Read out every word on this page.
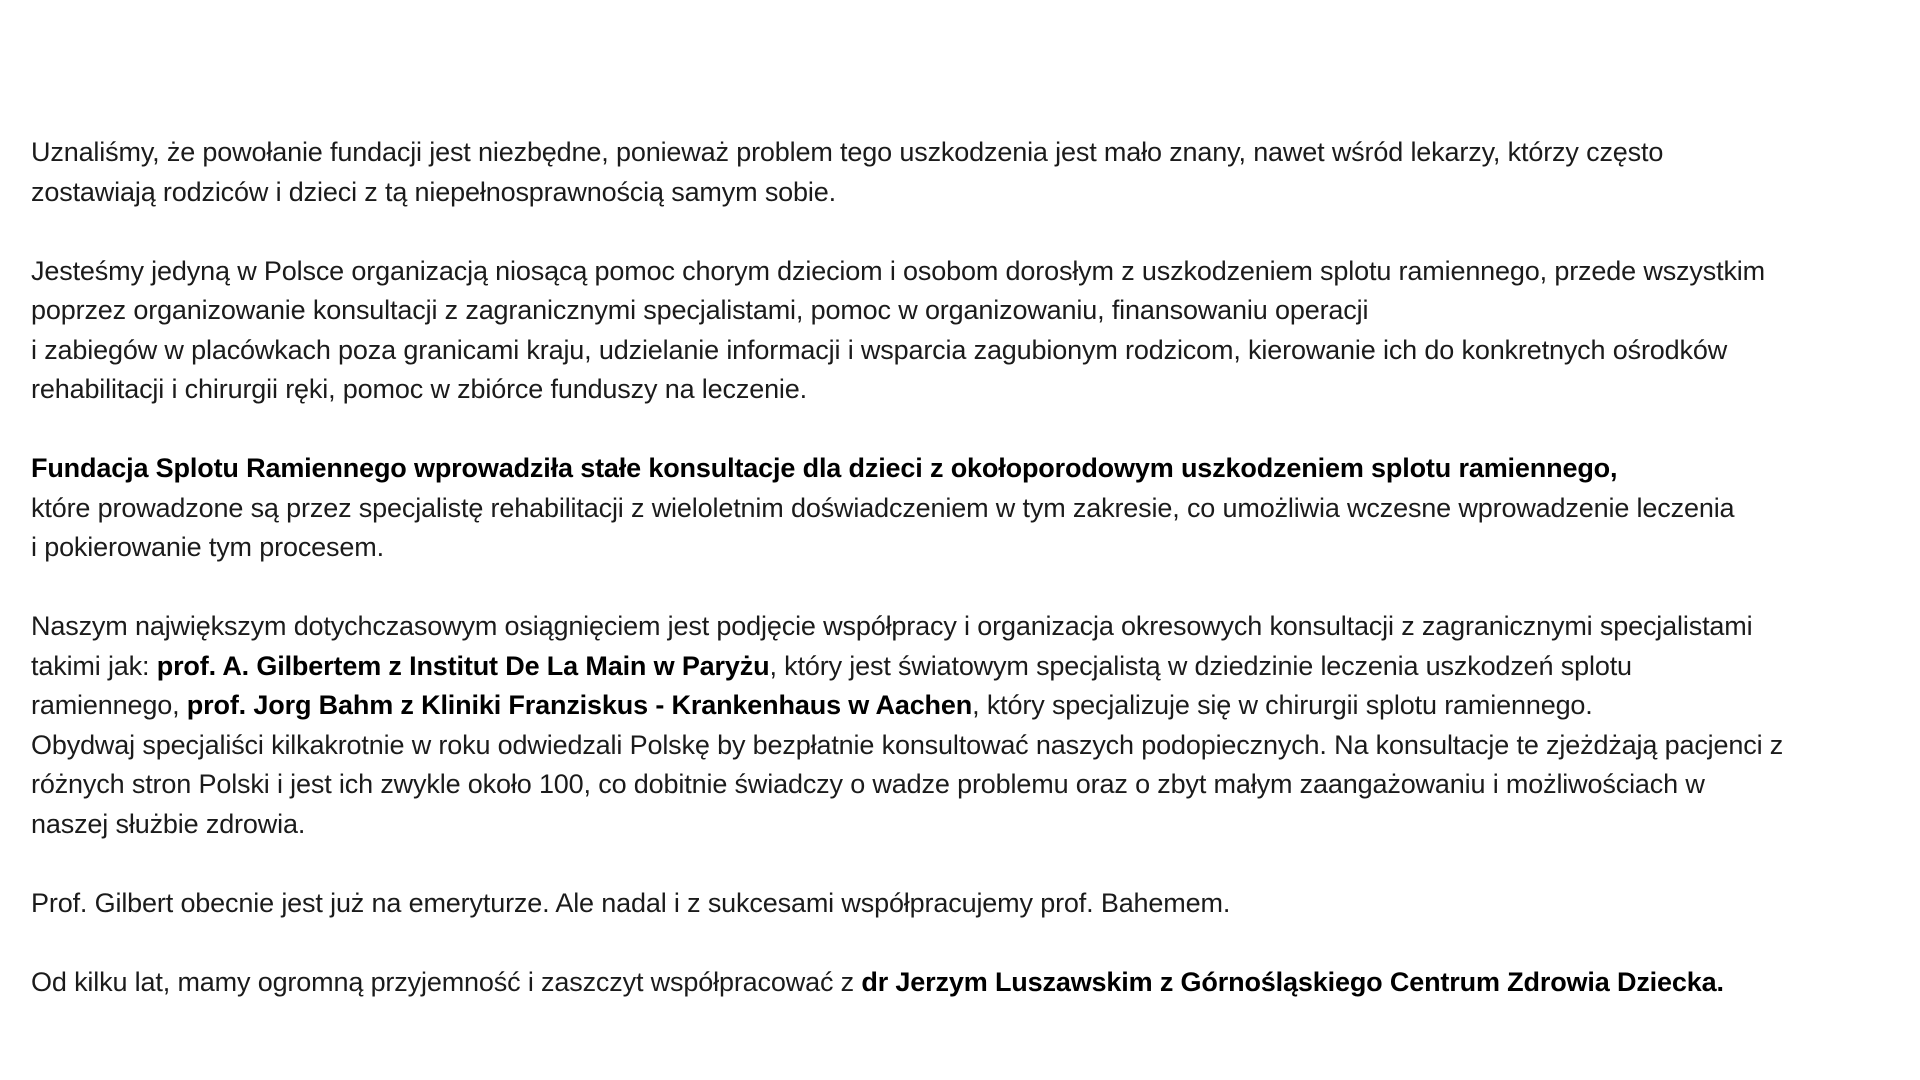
Uznaliśmy, że powołanie fundacji jest niezbędne, ponieważ problem tego uszkodzenia jest mało znany, nawet wśród lekarzy, którzy często
zostawiają rodziców i dzieci z tą niepełnosprawnością samym sobie.

Jesteśmy jedyną w Polsce organizacją niosącą pomoc chorym dzieciom i osobom dorosłym z uszkodzeniem splotu ramiennego, przede wszystkim
poprzez organizowanie konsultacji z zagranicznymi specjalistami, pomoc w organizowaniu, finansowaniu operacji
i zabiegów w placówkach poza granicami kraju, udzielanie informacji i wsparcia zagubionym rodzicom, kierowanie ich do konkretnych ośrodków
rehabilitacji i chirurgii ręki, pomoc w zbiórce funduszy na leczenie.

Fundacja Splotu Ramiennego wprowadziła stałe konsultacje dla dzieci z okołoporodowym uszkodzeniem splotu ramiennego,
które prowadzone są przez specjalistę rehabilitacji z wieloletnim doświadczeniem w tym zakresie, co umożliwia wczesne wprowadzenie leczenia
i pokierowanie tym procesem.

Naszym największym dotychczasowym osiągnięciem jest podjęcie współpracy i organizacja okresowych konsultacji z zagranicznymi specjalistami
takimi jak: prof. A. Gilbertem z Institut De La Main w Paryżu, który jest światowym specjalistą w dziedzinie leczenia uszkodzeń splotu
ramiennego, prof. Jorg Bahm z Kliniki Franziskus - Krankenhaus w Aachen, który specjalizuje się w chirurgii splotu ramiennego.
Obydwaj specjaliści kilkakrotnie w roku odwiedzali Polskę by bezpłatnie konsultować naszych podopiecznych. Na konsultacje te zjeżdżają pacjenci z
różnych stron Polski i jest ich zwykle około 100, co dobitnie świadczy o wadze problemu oraz o zbyt małym zaangażowaniu i możliwościach w
naszej służbie zdrowia.

Prof. Gilbert obecnie jest już na emeryturze. Ale nadal i z sukcesami współpracujemy prof. Bahemem.

Od kilku lat, mamy ogromną przyjemność i zaszczyt współpracować z dr Jerzym Luszawskim z Górnośląskiego Centrum Zdrowia Dziecka.
